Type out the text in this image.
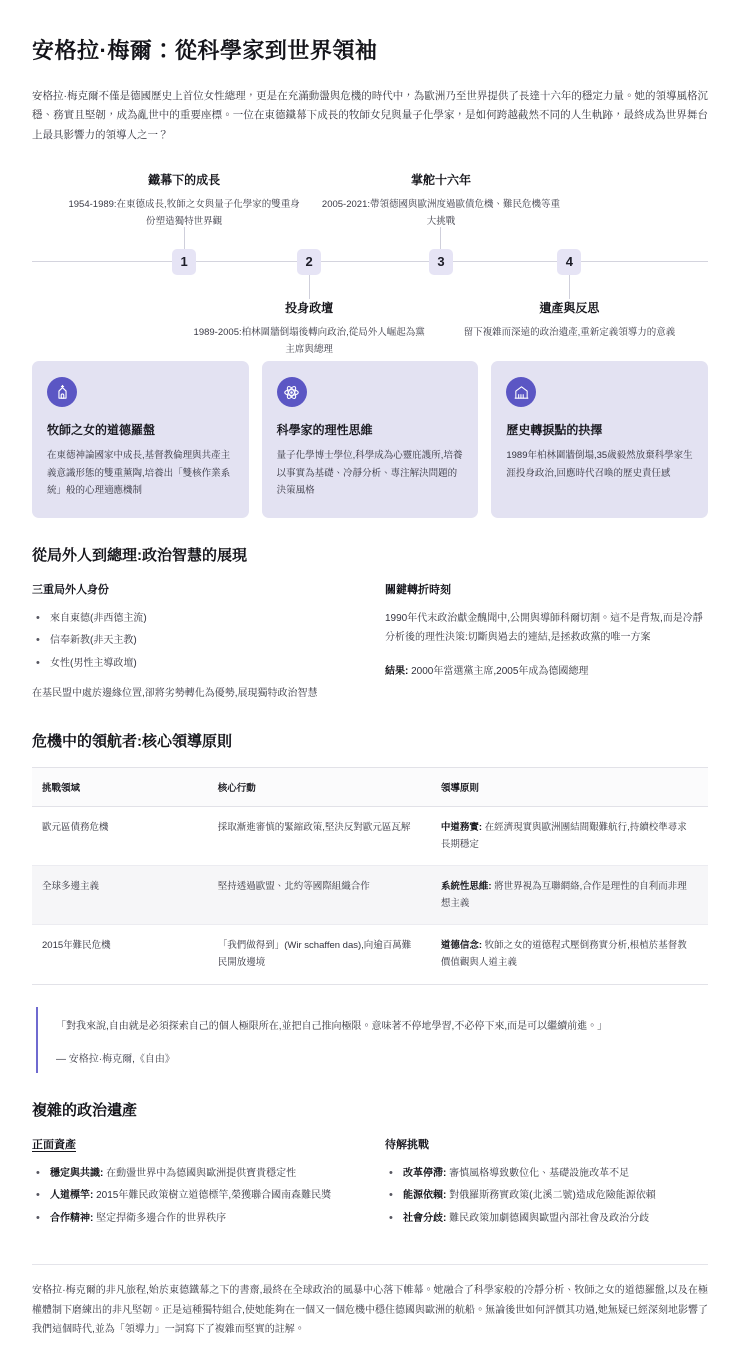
安格拉·梅爾：從科學家到世界領袖

安格拉·梅克爾不僅是德國歷史上首位女性總理，更是在充滿動盪與危機的時代中，為歐洲乃至世界提供了長達十六年的穩定力量。她的領導風格沉穩、務實且堅韌，成為亂世中的重要座標。一位在東德鐵幕下成長的牧師女兒與量子化學家，是如何跨越截然不同的人生軌跡，最終成為世界舞台上最具影響力的領導人之一？

鐵幕下的成長
1954-1989:在東德成長,牧師之女與量子化學家的雙重身份塑造獨特世界觀
1	2
投身政壇
1989-2005:柏林圍牆倒塌後轉向政治,從局外人崛起為黨主席與總理
掌舵十六年
2005-2021:帶領德國與歐洲度過歐債危機、難民危機等重大挑戰
3	4
遺產與反思
留下複雜而深遠的政治遺產,重新定義領導力的意義
牧師之女的道德羅盤
在東德神論國家中成長,基督教倫理與共產主義意識形態的雙重薰陶,培養出「雙核作業系統」般的心理適應機制
科學家的理性思維
量子化學博士學位,科學成為心靈庇護所,培養以事實為基礎、冷靜分析、專注解決問題的決策風格
歷史轉捩點的抉擇
1989年柏林圍牆倒塌,35歲毅然放棄科學家生涯投身政治,回應時代召喚的歷史責任感
從局外人到總理:政治智慧的展現
三重局外人身份
• 來自東德(非西德主流)
• 信奉新教(非天主教)
• 女性(男性主導政壇)

在基民盟中處於邊緣位置,卻將劣勢轉化為優勢,展現獨特政治智慧

關鍵轉折時刻

1990年代末政治獻金醜聞中,公開與導師科爾切割。這不是背叛,而是冷靜分析後的理性決策:切斷與過去的連結,是拯救政黨的唯一方案

結果: 2000年當選黨主席,2005年成為德國總理

危機中的領航者:核心領導原則
挑戰領域	核心行動	領導原則
歐元區債務危機	採取漸進審慎的緊縮政策,堅決反對歐元區瓦解	中道務實: 在經濟現實與歐洲團結間艱難航行,持續校準尋求長期穩定
全球多邊主義	堅持透過歐盟、北約等國際組織合作	系統性思維: 將世界視為互聯網絡,合作是理性的自利而非理想主義
2015年難民危機	「我們做得到」(Wir schaffen das),向逾百萬難民開放邊境	道德信念: 牧師之女的道德程式壓倒務實分析,根植於基督教價值觀與人道主義
「對我來說,自由就是必須探索自己的個人極限所在,並把自己推向極限。意味著不停地學習,不必停下來,而是可以繼續前進。」
— 安格拉·梅克爾,《自由》
複雜的政治遺產
正面資產
• 穩定與共識: 在動盪世界中為德國與歐洲提供寶貴穩定性
• 人道標竿: 2015年難民政策樹立道德標竿,榮獲聯合國南森難民獎
• 合作精神: 堅定捍衛多邊合作的世界秩序
待解挑戰
• 改革停滯: 審慎風格導致數位化、基礎設施改革不足
• 能源依賴: 對俄羅斯務實政策(北溪二號)造成危險能源依賴
• 社會分歧: 難民政策加劇德國與歐盟內部社會及政治分歧

安格拉·梅克爾的非凡旅程,始於東德鐵幕之下的書齋,最終在全球政治的風暴中心落下帷幕。她融合了科學家般的冷靜分析、牧師之女的道德羅盤,以及在極權體制下磨練出的非凡堅韌。正是這種獨特組合,使她能夠在一個又一個危機中穩住德國與歐洲的航船。無論後世如何評價其功過,她無疑已經深刻地影響了我們這個時代,並為「領導力」一詞寫下了複雜而堅實的註解。
